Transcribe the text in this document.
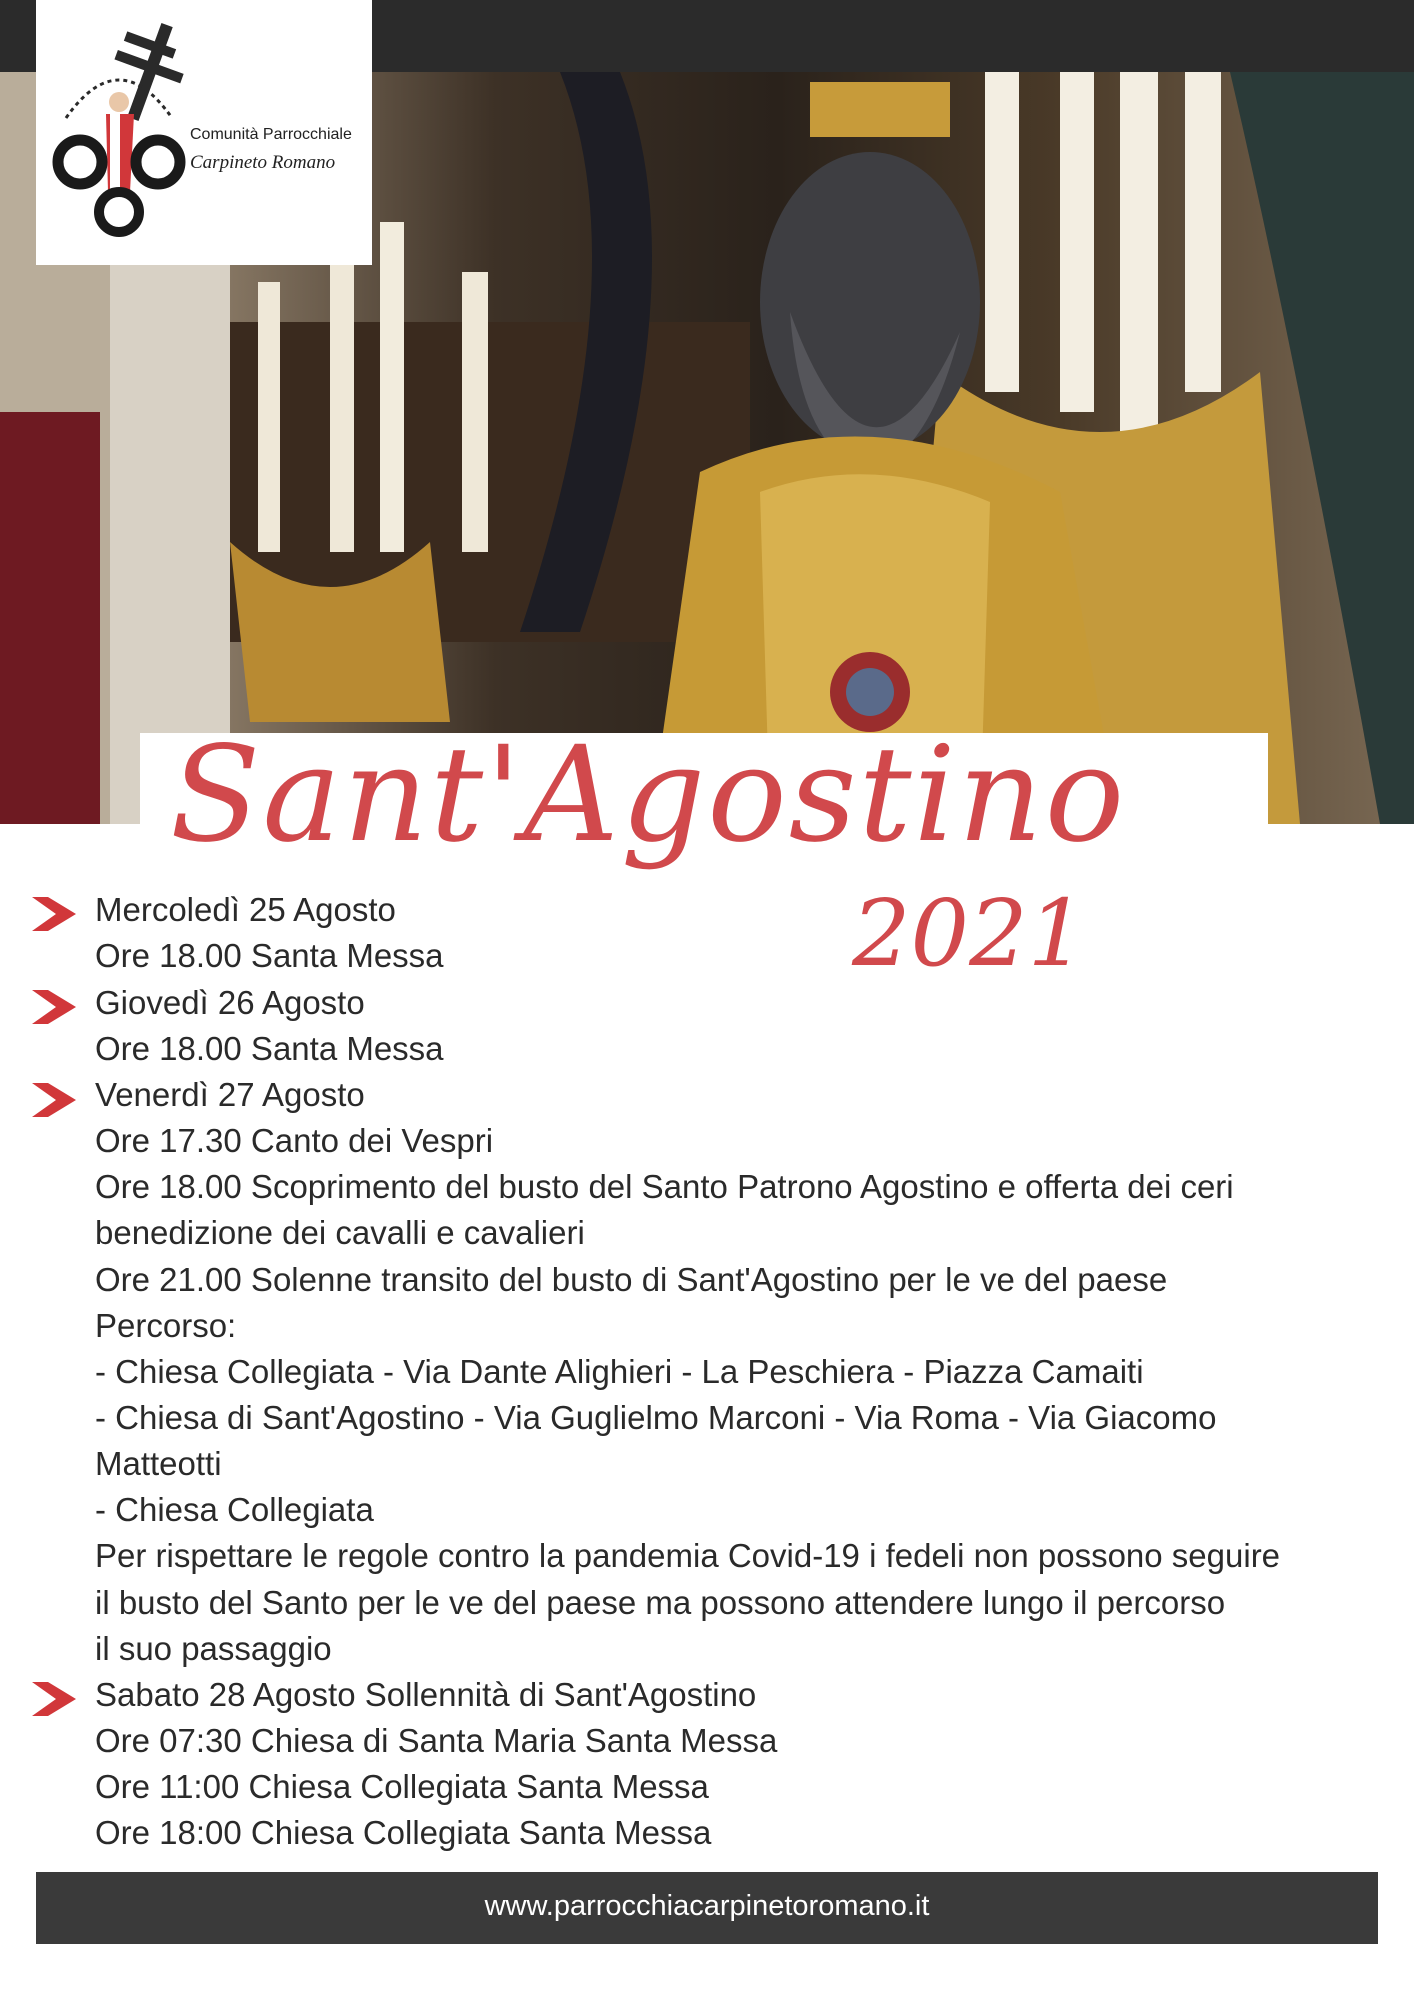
Comunità Parrocchiale
Carpineto Romano
Sant'Agostino
2021
Mercoledì 25 Agosto
Ore 18.00 Santa Messa
Giovedì 26 Agosto
Ore 18.00 Santa Messa
Venerdì 27 Agosto
Ore 17.30 Canto dei Vespri
Ore 18.00 Scoprimento del busto del Santo Patrono Agostino e offerta dei ceri
benedizione dei cavalli e cavalieri
Ore 21.00 Solenne transito del busto di Sant'Agostino per le ve del paese
Percorso:
- Chiesa Collegiata - Via Dante Alighieri - La Peschiera - Piazza Camaiti
- Chiesa di Sant'Agostino - Via Guglielmo Marconi - Via Roma - Via Giacomo
Matteotti
- Chiesa Collegiata
Per rispettare le regole contro la pandemia Covid-19 i fedeli non possono seguire
il busto del Santo per le ve del paese ma possono attendere lungo il percorso
il suo passaggio
Sabato 28 Agosto Sollennità di Sant'Agostino
Ore 07:30 Chiesa di Santa Maria Santa Messa
Ore 11:00 Chiesa Collegiata Santa Messa
Ore 18:00 Chiesa Collegiata Santa Messa
www.parrocchiacarpinetoromano.it
